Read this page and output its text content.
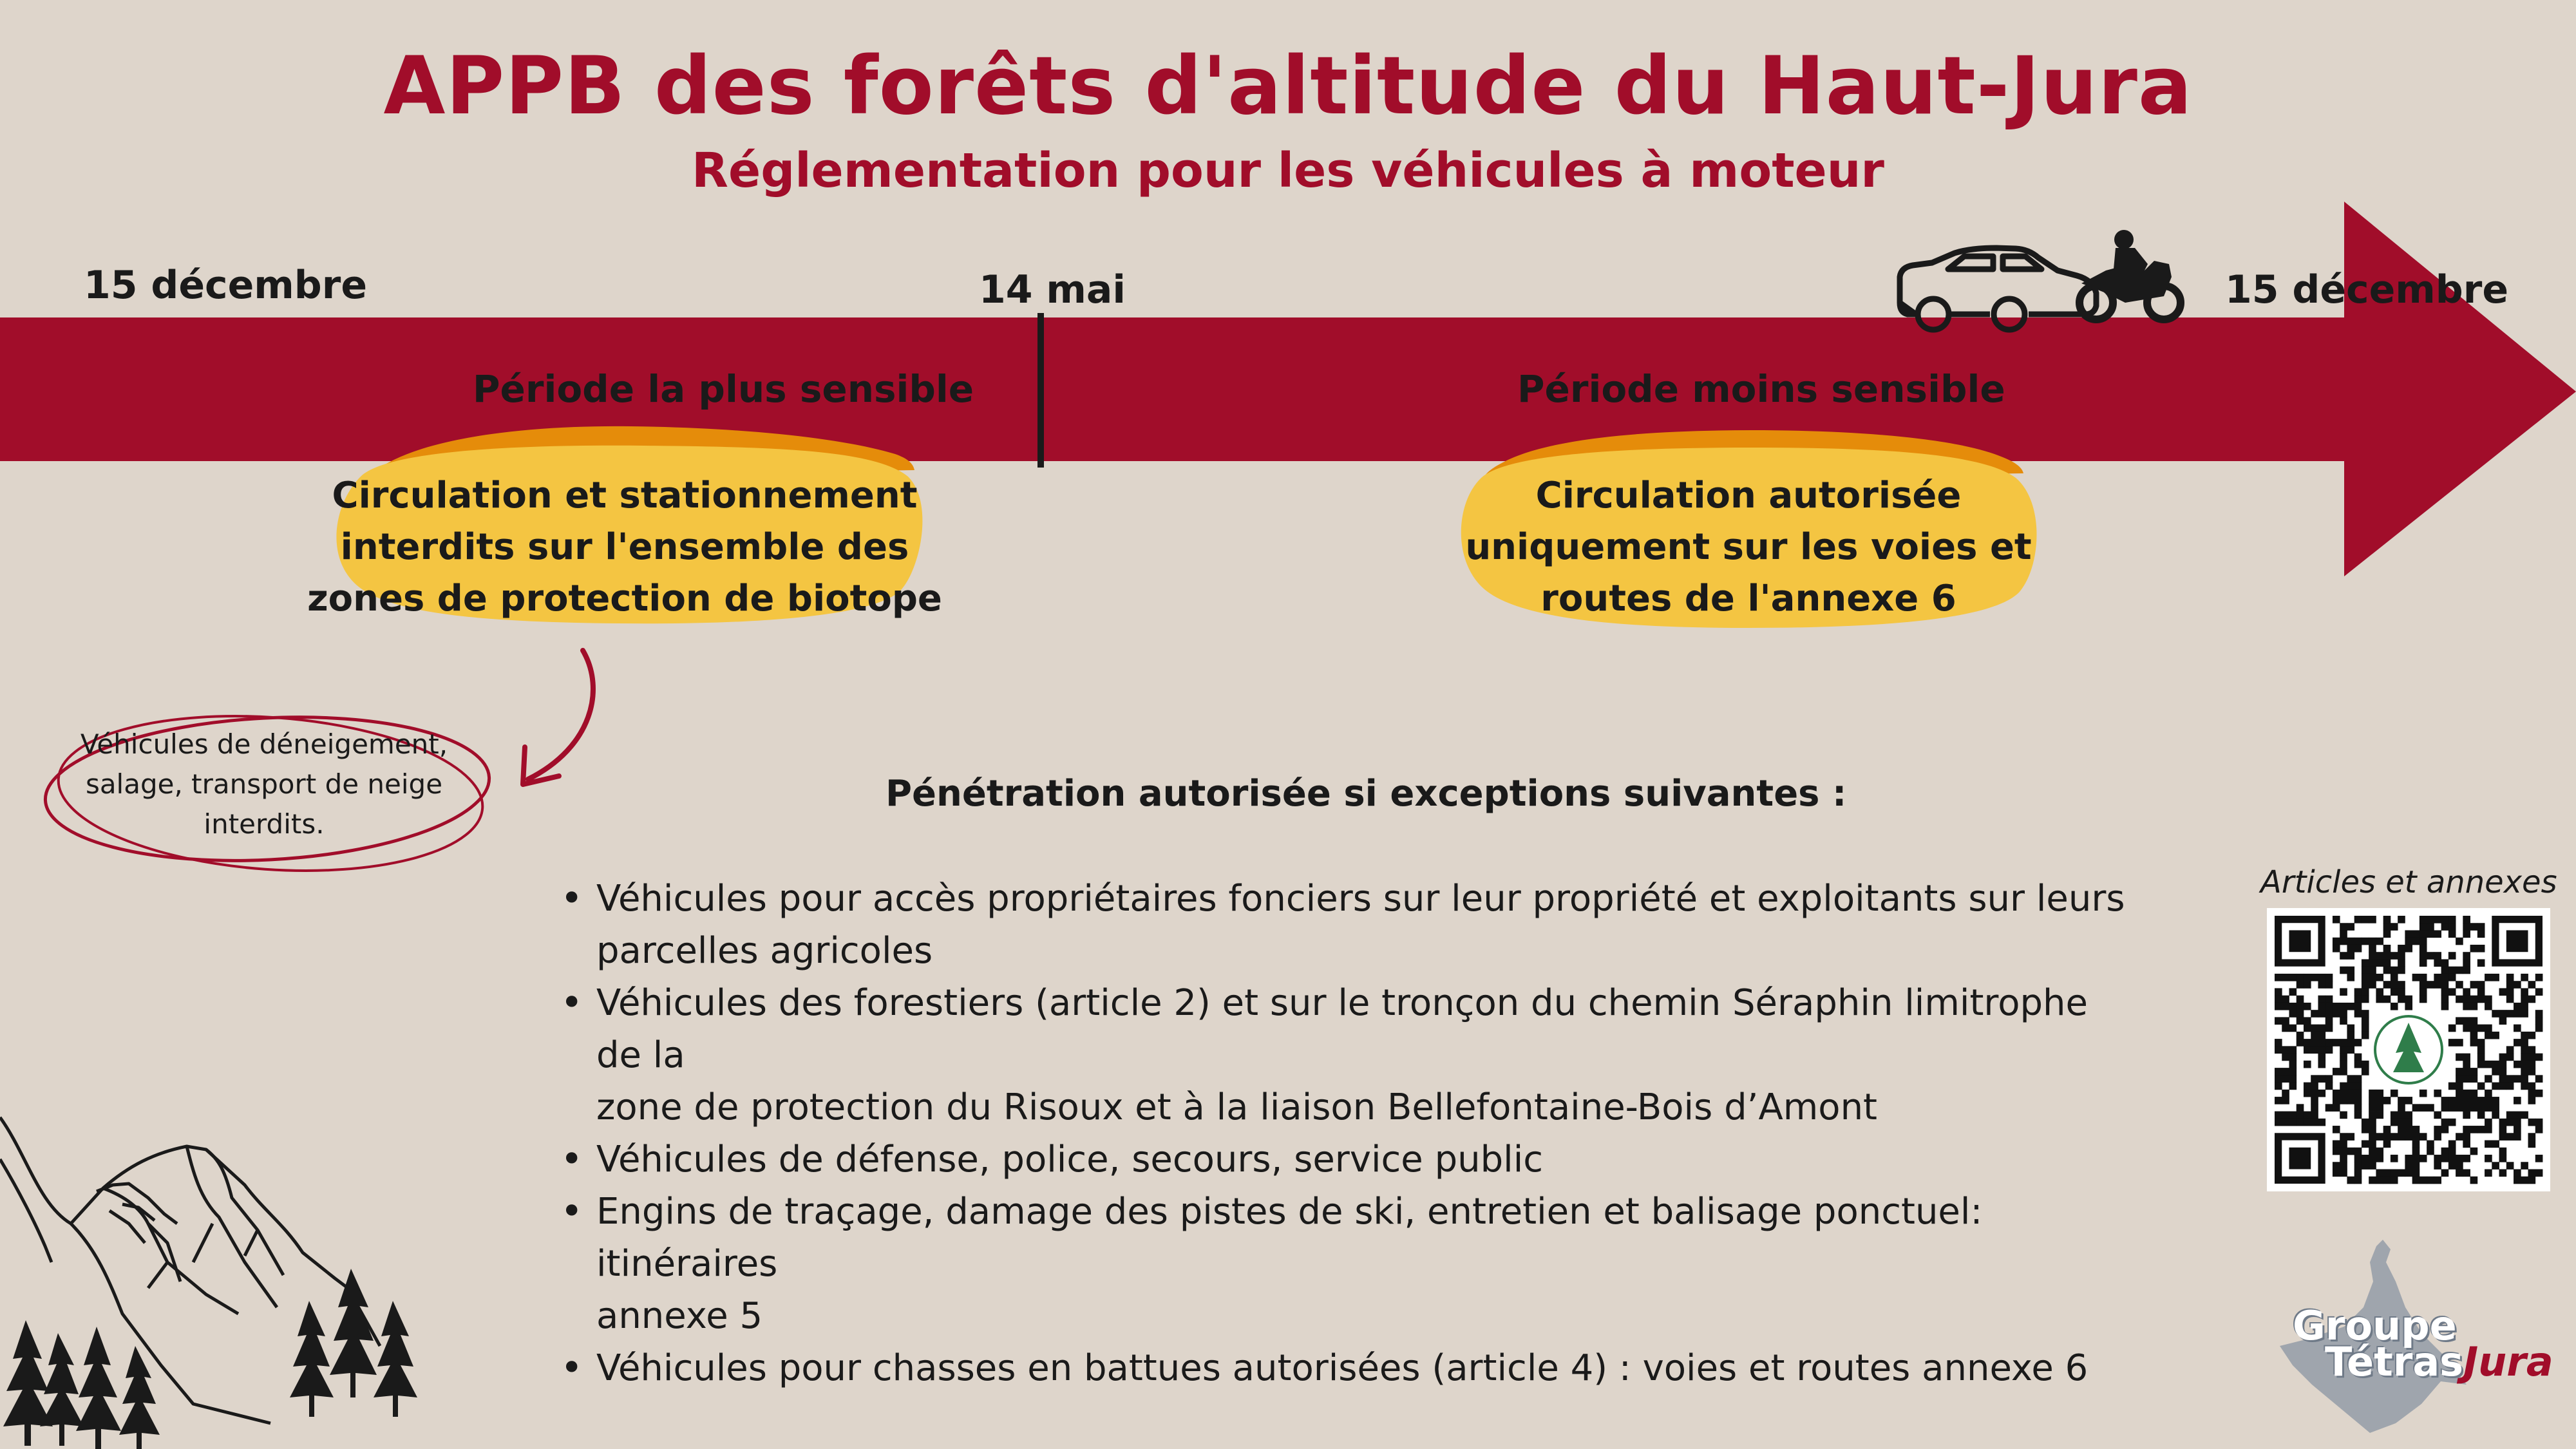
APPB des forêts d'altitude du Haut-Jura
Réglementation pour les véhicules à moteur
15 décembre	14 mai	15 décembre
Période la plus sensible	Période moins sensible
Circulation et stationnement
interdits sur l'ensemble des
zones de protection de biotope
Circulation autorisée
uniquement sur les voies et
routes de l'annexe 6
Véhicules de déneigement,
salage, transport de neige
interdits.
Pénétration autorisée si exceptions suivantes :
• Véhicules pour accès propriétaires fonciers sur leur propriété et exploitants sur leurs
parcelles agricoles
• Véhicules des forestiers (article 2) et sur le tronçon du chemin Séraphin limitrophe de la
zone de protection du Risoux et à la liaison Bellefontaine-Bois d’Amont
• Véhicules de défense, police, secours, service public
• Engins de traçage, damage des pistes de ski, entretien et balisage ponctuel: itinéraires
annexe 5
• Véhicules pour chasses en battues autorisées (article 4) : voies et routes annexe 6
Articles et annexes
Groupe
TétrasJura
